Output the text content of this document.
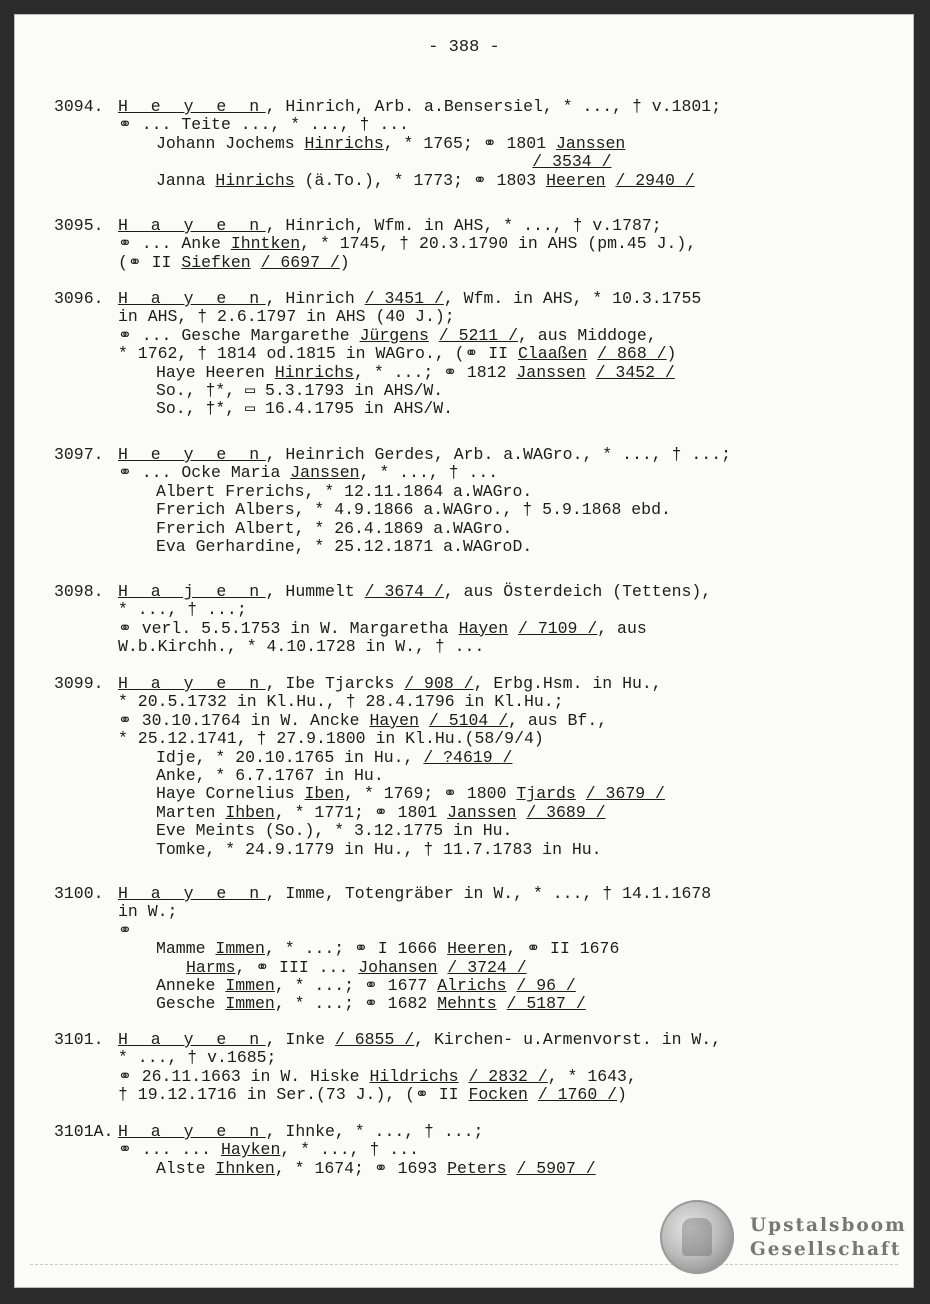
- 388 -
3094. H e y e n, Hinrich, Arb. a.Bensersiel, * ..., † v.1801;
⚭ ... Teite ..., * ..., † ...
Johann Jochems Hinrichs, * 1765; ⚭ 1801 Janssen
/ 3534 /
Janna Hinrichs (ä.To.), * 1773; ⚭ 1803 Heeren / 2940 /
3095. H a y e n, Hinrich, Wfm. in AHS, * ..., † v.1787;
⚭ ... Anke Ihntken, * 1745, † 20.3.1790 in AHS (pm.45 J.),
(⚭ II Siefken / 6697 /)
3096. H a y e n, Hinrich / 3451 /, Wfm. in AHS, * 10.3.1755
in AHS, † 2.6.1797 in AHS (40 J.);
⚭ ... Gesche Margarethe Jürgens / 5211 /, aus Middoge,
* 1762, † 1814 od.1815 in WAGro., (⚭ II Claaßen / 868 /)
Haye Heeren Hinrichs, * ...; ⚭ 1812 Janssen / 3452 /
So., †*, ▭ 5.3.1793 in AHS/W.
So., †*, ▭ 16.4.1795 in AHS/W.
3097. H e y e n, Heinrich Gerdes, Arb. a.WAGro., * ..., † ...;
⚭ ... Ocke Maria Janssen, * ..., † ...
Albert Frerichs, * 12.11.1864 a.WAGro.
Frerich Albers, * 4.9.1866 a.WAGro., † 5.9.1868 ebd.
Frerich Albert, * 26.4.1869 a.WAGro.
Eva Gerhardine, * 25.12.1871 a.WAGroD.
3098. H a j e n, Hummelt / 3674 /, aus Österdeich (Tettens),
* ..., † ...;
⚭ verl. 5.5.1753 in W. Margaretha Hayen / 7109 /, aus
W.b.Kirchh., * 4.10.1728 in W., † ...
3099. H a y e n, Ibe Tjarcks / 908 /, Erbg.Hsm. in Hu.,
* 20.5.1732 in Kl.Hu., † 28.4.1796 in Kl.Hu.;
⚭ 30.10.1764 in W. Ancke Hayen / 5104 /, aus Bf.,
* 25.12.1741, † 27.9.1800 in Kl.Hu.(58/9/4)
Idje, * 20.10.1765 in Hu., / ?4619 /
Anke, * 6.7.1767 in Hu.
Haye Cornelius Iben, * 1769; ⚭ 1800 Tjards / 3679 /
Marten Ihben, * 1771; ⚭ 1801 Janssen / 3689 /
Eve Meints (So.), * 3.12.1775 in Hu.
Tomke, * 24.9.1779 in Hu., † 11.7.1783 in Hu.
3100. H a y e n, Imme, Totengräber in W., * ..., † 14.1.1678
in W.;
⚭
Mamme Immen, * ...; ⚭ I 1666 Heeren, ⚭ II 1676
Harms, ⚭ III ... Johansen / 3724 /
Anneke Immen, * ...; ⚭ 1677 Alrichs / 96 /
Gesche Immen, * ...; ⚭ 1682 Mehnts / 5187 /
3101. H a y e n, Inke / 6855 /, Kirchen- u.Armenvorst. in W.,
* ..., † v.1685;
⚭ 26.11.1663 in W. Hiske Hildrichs / 2832 /, * 1643,
† 19.12.1716 in Ser.(73 J.), (⚭ II Focken / 1760 /)
3101A. H a y e n, Ihnke, * ..., † ...;
⚭ ... ... Hayken, * ..., † ...
Alste Ihnken, * 1674; ⚭ 1693 Peters / 5907 /
Upstalsboom
Gesellschaft
